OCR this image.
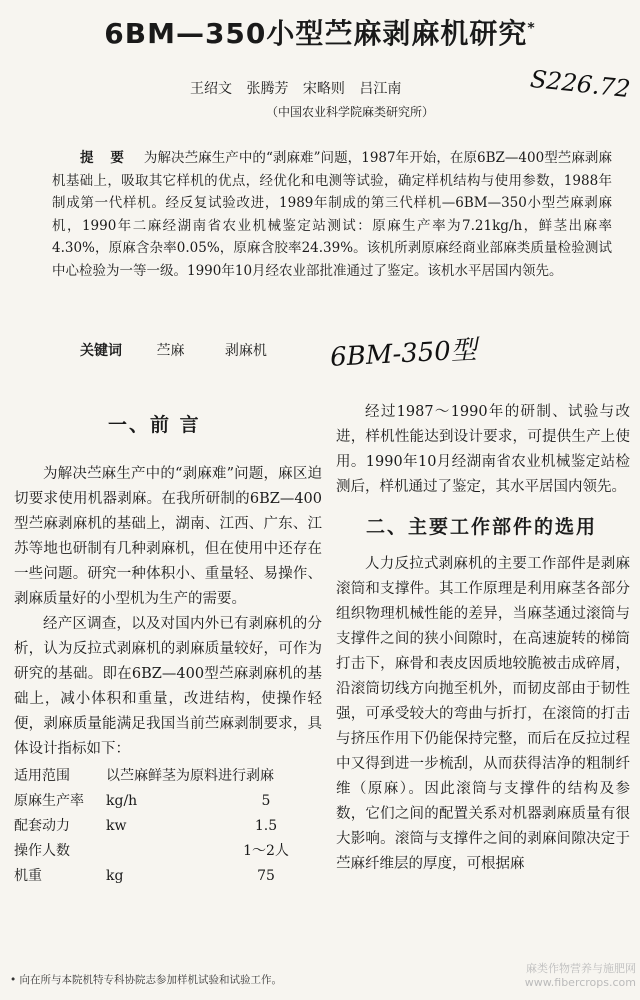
6BM—350小型苎麻剥麻机研究*
王绍文 张腾芳 宋略则 吕江南
（中国农业科学院麻类研究所）
S226.72
提 要 为解决苎麻生产中的“剥麻难”问题，1987年开始，在原6BZ—400型苎麻剥麻机基础上，吸取其它样机的优点，经优化和电测等试验，确定样机结构与使用参数，1988年制成第一代样机。经反复试验改进，1989年制成的第三代样机—6BM—350小型苎麻剥麻机，1990年二麻经湖南省农业机械鉴定站测试：原麻生产率为7.21kg/h，鲜茎出麻率4.30%，原麻含杂率0.05%，原麻含胶率24.39%。该机所剥原麻经商业部麻类质量检验测试中心检验为一等一级。1990年10月经农业部批准通过了鉴定。该机水平居国内领先。
关键词 苎麻	剥麻机	6BM-350型

一、前 言

为解决苎麻生产中的“剥麻难”问题，麻区迫切要求使用机器剥麻。在我所研制的6BZ—400型苎麻剥麻机的基础上，湖南、江西、广东、江苏等地也研制有几种剥麻机，但在使用中还存在一些问题。研究一种体积小、重量轻、易操作、剥麻质量好的小型机为生产的需要。

经产区调查，以及对国内外已有剥麻机的分析，认为反拉式剥麻机的剥麻质量较好，可作为研究的基础。即在6BZ—400型苎麻剥麻机的基础上，减小体积和重量，改进结构，使操作轻便，剥麻质量能满足我国当前苎麻剥制要求，具体设计指标如下：

适用范围	以苎麻鲜茎为原料进行剥麻	
原麻生产率	kg/h	5
配套动力	kw	1.5
操作人数		1～2人
机重	kg	75

经过1987～1990年的研制、试验与改进，样机性能达到设计要求，可提供生产上使用。1990年10月经湖南省农业机械鉴定站检测后，样机通过了鉴定，其水平居国内领先。

二、主要工作部件的选用

人力反拉式剥麻机的主要工作部件是剥麻滚筒和支撑件。其工作原理是利用麻茎各部分组织物理机械性能的差异，当麻茎通过滚筒与支撑件之间的狭小间隙时，在高速旋转的梯筒打击下，麻骨和表皮因质地较脆被击成碎屑，沿滚筒切线方向抛至机外，而韧皮部由于韧性强，可承受较大的弯曲与折打，在滚筒的打击与挤压作用下仍能保持完整，而后在反拉过程中又得到进一步梳刮，从而获得洁净的粗制纤维（原麻）。因此滚筒与支撑件的结构及参数，它们之间的配置关系对机器剥麻质量有很大影响。滚筒与支撑件之间的剥麻间隙决定于苎麻纤维层的厚度，可根据麻

• 向在所与本院机特专科协院志参加样机试验和试验工作。
麻类作物营养与施肥网
www.fibercrops.com
